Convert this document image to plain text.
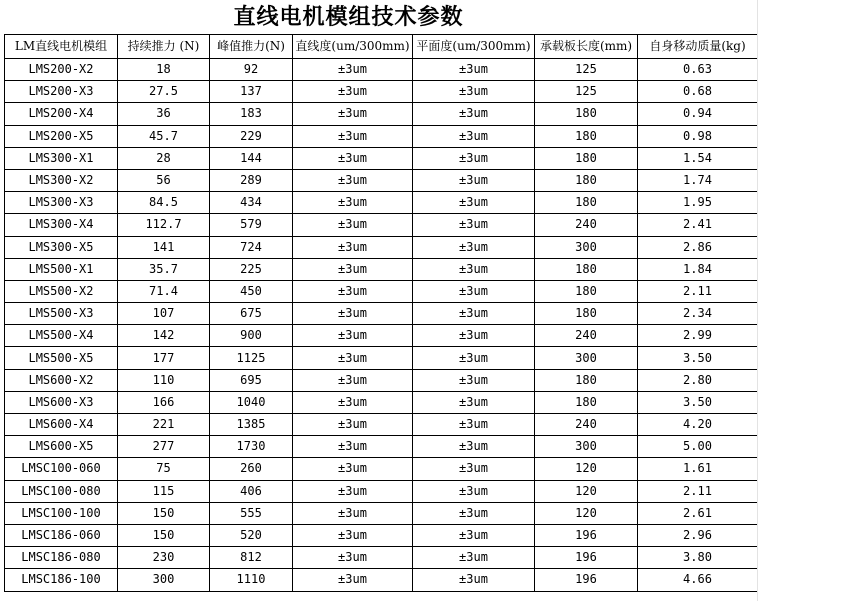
直线电机模组技术参数
LM直线电机模组	持续推力 (N)	峰值推力(N)	直线度(um/300mm)	平面度(um/300mm)	承载板长度(mm)	自身移动质量(kg)
LMS200-X2	18	92	±3um	±3um	125	0.63
LMS200-X3	27.5	137	±3um	±3um	125	0.68
LMS200-X4	36	183	±3um	±3um	180	0.94
LMS200-X5	45.7	229	±3um	±3um	180	0.98
LMS300-X1	28	144	±3um	±3um	180	1.54
LMS300-X2	56	289	±3um	±3um	180	1.74
LMS300-X3	84.5	434	±3um	±3um	180	1.95
LMS300-X4	112.7	579	±3um	±3um	240	2.41
LMS300-X5	141	724	±3um	±3um	300	2.86
LMS500-X1	35.7	225	±3um	±3um	180	1.84
LMS500-X2	71.4	450	±3um	±3um	180	2.11
LMS500-X3	107	675	±3um	±3um	180	2.34
LMS500-X4	142	900	±3um	±3um	240	2.99
LMS500-X5	177	1125	±3um	±3um	300	3.50
LMS600-X2	110	695	±3um	±3um	180	2.80
LMS600-X3	166	1040	±3um	±3um	180	3.50
LMS600-X4	221	1385	±3um	±3um	240	4.20
LMS600-X5	277	1730	±3um	±3um	300	5.00
LMSC100-060	75	260	±3um	±3um	120	1.61
LMSC100-080	115	406	±3um	±3um	120	2.11
LMSC100-100	150	555	±3um	±3um	120	2.61
LMSC186-060	150	520	±3um	±3um	196	2.96
LMSC186-080	230	812	±3um	±3um	196	3.80
LMSC186-100	300	1110	±3um	±3um	196	4.66
